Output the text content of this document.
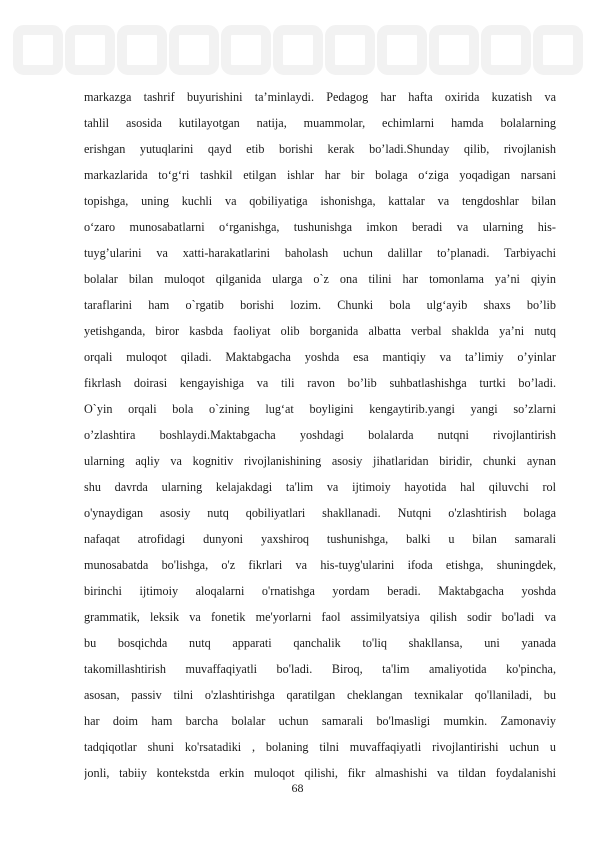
markazga tashrif buyurishini ta’minlaydi. Pedagog har hafta oxirida kuzatish va
tahlil asosida kutilayotgan natija, muammolar, echimlarni hamda bolalarning
erishgan yutuqlarini qayd etib borishi kerak bo’ladi.Shunday qilib, rivojlanish
markazlarida to‘g‘ri tashkil etilgan ishlar har bir bolaga o‘ziga yoqadigan narsani
topishga, uning kuchli va qobiliyatiga ishonishga, kattalar va tengdoshlar bilan
o‘zaro munosabatlarni o‘rganishga, tushunishga imkon beradi va ularning his-
tuyg’ularini va xatti-harakatlarini baholash uchun dalillar to’planadi. Tarbiyachi
bolalar bilan muloqot qilganida ularga o`z ona tilini har tomonlama ya’ni qiyin
taraflarini ham o`rgatib borishi lozim. Chunki bola ulg‘ayib shaxs bo’lib
yetishganda, biror kasbda faoliyat olib borganida albatta verbal shaklda ya’ni nutq
orqali muloqot qiladi. Maktabgacha yoshda esa mantiqiy va ta’limiy o’yinlar
fikrlash doirasi kengayishiga va tili ravon bo’lib suhbatlashishga turtki bo’ladi.
O`yin orqali bola o`zining lug‘at boyligini kengaytirib.yangi yangi so’zlarni
o’zlashtira boshlaydi.Maktabgacha yoshdagi bolalarda nutqni rivojlantirish
ularning aqliy va kognitiv rivojlanishining asosiy jihatlaridan biridir, chunki aynan
shu davrda ularning kelajakdagi ta'lim va ijtimoiy hayotida hal qiluvchi rol
o'ynaydigan asosiy nutq qobiliyatlari shakllanadi. Nutqni o'zlashtirish bolaga
nafaqat atrofidagi dunyoni yaxshiroq tushunishga, balki u bilan samarali
munosabatda bo'lishga, o'z fikrlari va his-tuyg'ularini ifoda etishga, shuningdek,
birinchi ijtimoiy aloqalarni o'rnatishga yordam beradi. Maktabgacha yoshda
grammatik, leksik va fonetik me'yorlarni faol assimilyatsiya qilish sodir bo'ladi va
bu bosqichda nutq apparati qanchalik to'liq shakllansa, uni yanada
takomillashtirish muvaffaqiyatli bo'ladi. Biroq, ta'lim amaliyotida ko'pincha,
asosan, passiv tilni o'zlashtirishga qaratilgan cheklangan texnikalar qo'llaniladi, bu
har doim ham barcha bolalar uchun samarali bo'lmasligi mumkin. Zamonaviy
tadqiqotlar shuni ko'rsatadiki , bolaning tilni muvaffaqiyatli rivojlantirishi uchun u
jonli, tabiiy kontekstda erkin muloqot qilishi, fikr almashishi va tildan foydalanishi
68
